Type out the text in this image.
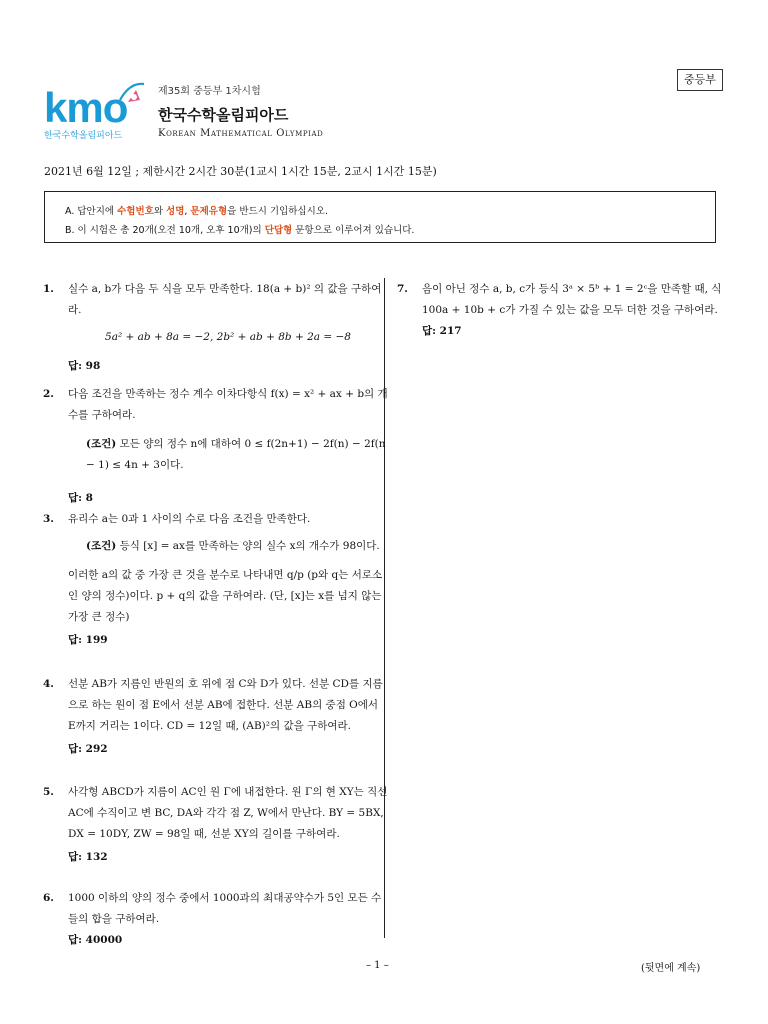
kmo
한국수학올림피아드
제35회 중등부 1차시험
한국수학올림피아드
Korean Mathematical Olympiad
중등부
2021년 6월 12일 ; 제한시간 2시간 30분(1교시 1시간 15분, 2교시 1시간 15분)
A. 답안지에 수험번호와 성명, 문제유형을 반드시 기입하십시오.
B. 이 시험은 총 20개(오전 10개, 오후 10개)의 단답형 문항으로 이루어져 있습니다.
1. 실수 a, b가 다음 두 식을 모두 만족한다. 18(a + b)² 의 값을 구하여라.

5a² + ab + 8a = −2, 2b² + ab + 8b + 2a = −8

답: 98

2. 다음 조건을 만족하는 정수 계수 이차다항식 f(x) = x² + ax + b의 개수를 구하여라.

(조건) 모든 양의 정수 n에 대하여 0 ≤ f(2n+1) − 2f(n) − 2f(n − 1) ≤ 4n + 3이다.

답: 8

3. 유리수 a는 0과 1 사이의 수로 다음 조건을 만족한다.

(조건) 등식 [x] = ax를 만족하는 양의 실수 x의 개수가 98이다.

이러한 a의 값 중 가장 큰 것을 분수로 나타내면 q/p (p와 q는 서로소인 양의 정수)이다. p + q의 값을 구하여라. (단, [x]는 x를 넘지 않는 가장 큰 정수)

답: 199

4. 선분 AB가 지름인 반원의 호 위에 점 C와 D가 있다. 선분 CD를 지름으로 하는 원이 점 E에서 선분 AB에 접한다. 선분 AB의 중점 O에서 E까지 거리는 1이다. CD = 12일 때, (AB)²의 값을 구하여라.

답: 292

5. 사각형 ABCD가 지름이 AC인 원 Γ에 내접한다. 원 Γ의 현 XY는 직선 AC에 수직이고 변 BC, DA와 각각 점 Z, W에서 만난다. BY = 5BX, DX = 10DY, ZW = 98일 때, 선분 XY의 길이를 구하여라.

답: 132

6. 1000 이하의 양의 정수 중에서 1000과의 최대공약수가 5인 모든 수들의 합을 구하여라.

답: 40000

7. 음이 아닌 정수 a, b, c가 등식 3ᵃ × 5ᵇ + 1 = 2ᶜ을 만족할 때, 식 100a + 10b + c가 가질 수 있는 값을 모두 더한 것을 구하여라.

답: 217

– 1 –	(뒷면에 계속)
